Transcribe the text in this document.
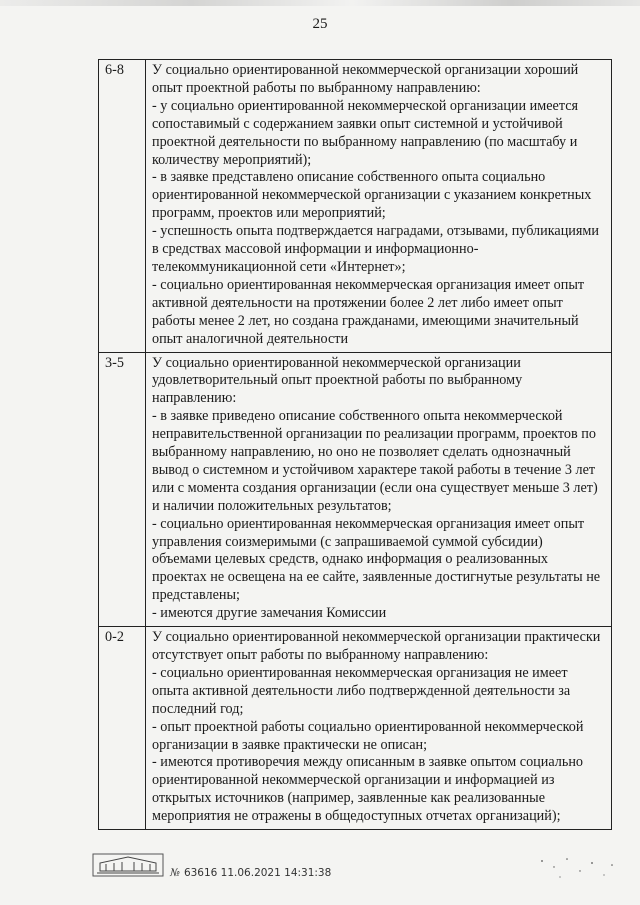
25
6-8	У социально ориентированной некоммерческой организации хороший опыт проектной работы по выбранному направлению:
- у социально ориентированной некоммерческой организации имеется сопоставимый с содержанием заявки опыт системной и устойчивой проектной деятельности по выбранному направлению (по масштабу и количеству мероприятий);
- в заявке представлено описание собственного опыта социально ориентированной некоммерческой организации с указанием конкретных программ, проектов или мероприятий;
- успешность опыта подтверждается наградами, отзывами, публикациями в средствах массовой информации и информационно-телекоммуникационной сети «Интернет»;
- социально ориентированная некоммерческая организация имеет опыт активной деятельности на протяжении более 2 лет либо имеет опыт работы менее 2 лет, но создана гражданами, имеющими значительный опыт аналогичной деятельности

3-5	У социально ориентированной некоммерческой организации удовлетворительный опыт проектной работы по выбранному направлению:
- в заявке приведено описание собственного опыта некоммерческой неправительственной организации по реализации программ, проектов по выбранному направлению, но оно не позволяет сделать однозначный вывод о системном и устойчивом характере такой работы в течение 3 лет или с момента создания организации (если она существует меньше 3 лет) и наличии положительных результатов;
- социально ориентированная некоммерческая организация имеет опыт управления соизмеримыми (с запрашиваемой суммой субсидии) объемами целевых средств, однако информация о реализованных проектах не освещена на ее сайте, заявленные достигнутые результаты не представлены;
- имеются другие замечания Комиссии

0-2	У социально ориентированной некоммерческой организации практически отсутствует опыт работы по выбранному направлению:
- социально ориентированная некоммерческая организация не имеет опыта активной деятельности либо подтвержденной деятельности за последний год;
- опыт проектной работы социально ориентированной некоммерческой организации в заявке практически не описан;
- имеются противоречия между описанным в заявке опытом социально ориентированной некоммерческой организации и информацией из открытых источников (например, заявленные как реализованные мероприятия не отражены в общедоступных отчетах организаций);
№ 63616 11.06.2021 14:31:38
